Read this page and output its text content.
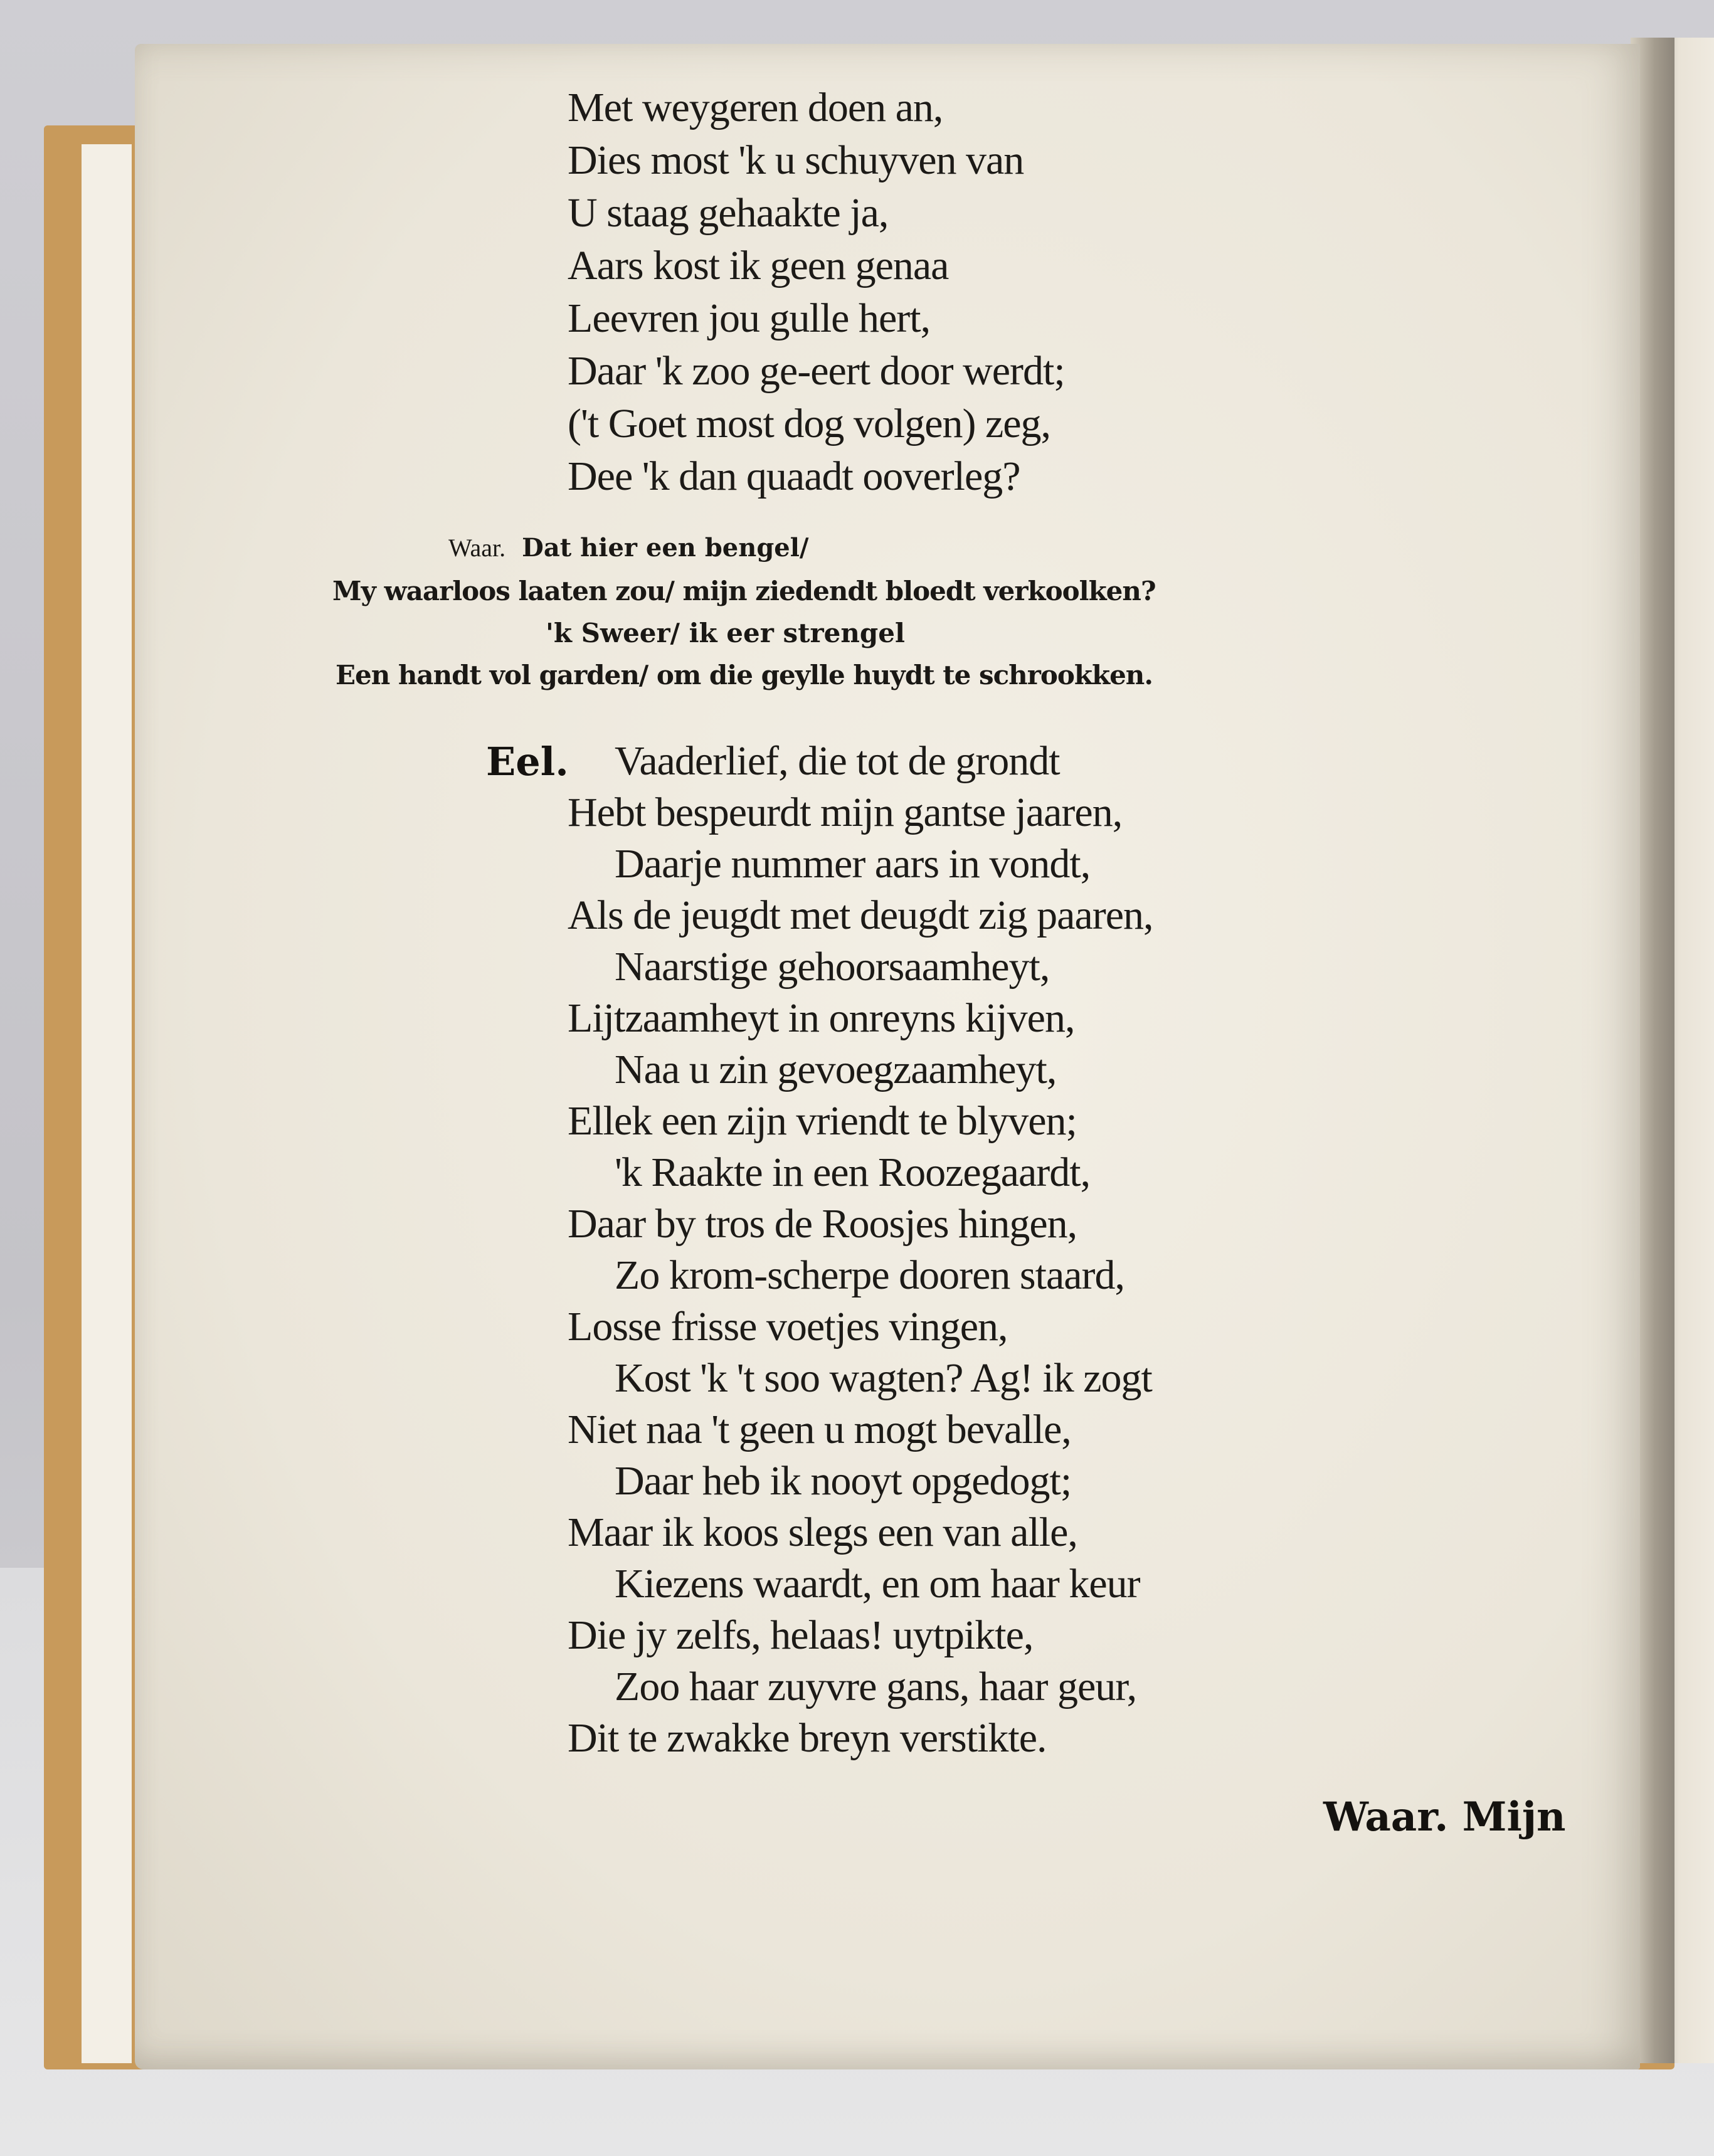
Met weygeren doen an,
Dies most 'k u schuyven van
U staag gehaakte ja,
Aars kost ik geen genaa
Leevren jou gulle hert,
Daar 'k zoo ge-eert door werdt;
('t Goet most dog volgen) zeg,
Dee 'k dan quaadt ooverleg?
Waar. Dat hier een bengel/
My waarloos laaten zou/ mijn ziedendt bloedt verkoolken?
'k Sweer/ ik eer strengel
Een handt vol garden/ om die geylle huydt te schrookken.
Eel.	Vaaderlief, die tot de grondt
Hebt bespeurdt mijn gantse jaaren,
Daarje nummer aars in vondt,
Als de jeugdt met deugdt zig paaren,
Naarstige gehoorsaamheyt,
Lijtzaamheyt in onreyns kijven,
Naa u zin gevoegzaamheyt,
Ellek een zijn vriendt te blyven;
'k Raakte in een Roozegaardt,
Daar by tros de Roosjes hingen,
Zo krom-scherpe dooren staard,
Losse frisse voetjes vingen,
Kost 'k 't soo wagten? Ag! ik zogt
Niet naa 't geen u mogt bevalle,
Daar heb ik nooyt opgedogt;
Maar ik koos slegs een van alle,
Kiezens waardt, en om haar keur
Die jy zelfs, helaas! uytpikte,
Zoo haar zuyvre gans, haar geur,
Dit te zwakke breyn verstikte.
Waar. Mijn
